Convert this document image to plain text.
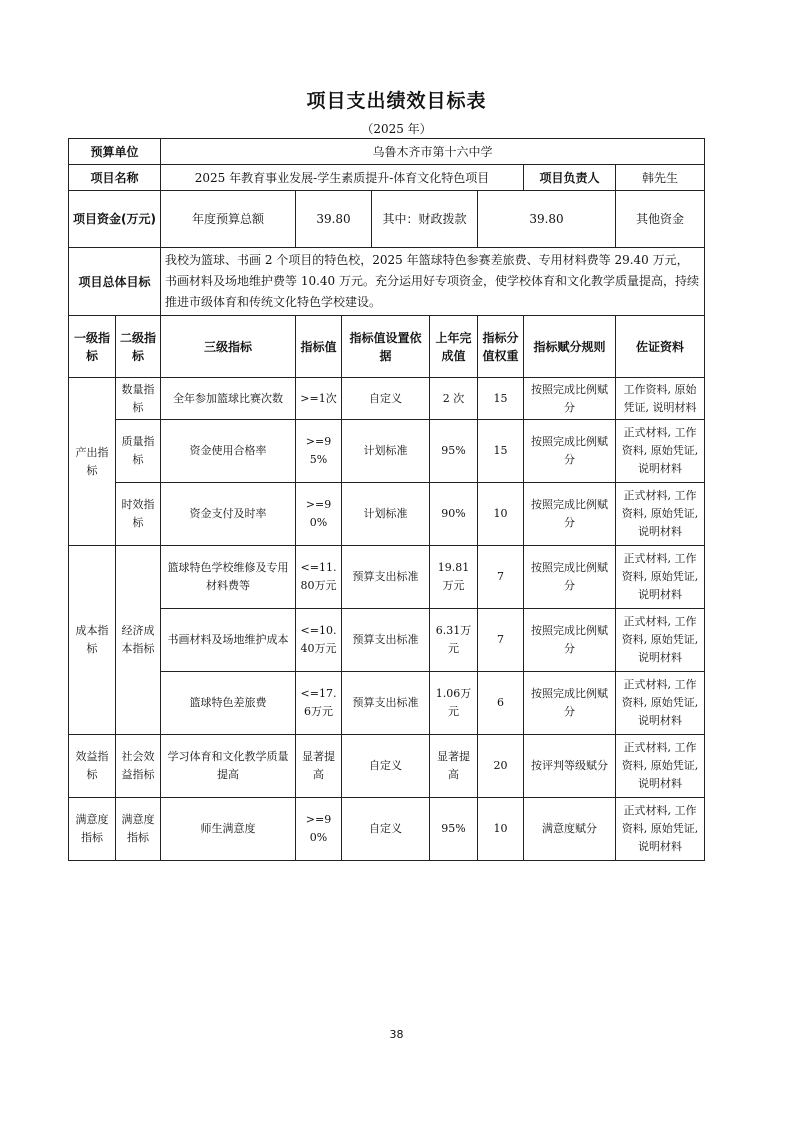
项目支出绩效目标表
（2025 年）
预算单位		乌鲁木齐市第十六中学								
项目名称		2025 年教育事业发展-学生素质提升-体育文化特色项目						项目负责人	韩先生	
项目资金(万元)		年度预算总额	39.80		其中：财政拨款		39.80		其他资金	
项目总体目标		我校为篮球、书画 2 个项目的特色校，2025 年篮球特色参赛差旅费、专用材料费等 29.40 万元，书画材料及场地维护费等 10.40 万元。充分运用好专项资金，使学校体育和文化教学质量提高，持续推进市级体育和传统文化特色学校建设。								
一级指标	二级指标	三级指标	指标值	指标值设置依据		上年完成值	指标分值权重	指标赋分规则	佐证资料	
产出指标	数量指标	全年参加篮球比赛次数	>=1次	自定义		2 次	15	按照完成比例赋分	工作资料, 原始凭证, 说明材料	
	质量指标	资金使用合格率	>=95%	计划标准		95%	15	按照完成比例赋分	正式材料, 工作资料, 原始凭证, 说明材料	
	时效指标	资金支付及时率	>=90%	计划标准		90%	10	按照完成比例赋分	正式材料, 工作资料, 原始凭证, 说明材料	
成本指标	经济成本指标	篮球特色学校维修及专用材料费等	<=11.80万元	预算支出标准		19.81万元	7	按照完成比例赋分	正式材料, 工作资料, 原始凭证, 说明材料	
		书画材料及场地维护成本	<=10.40万元	预算支出标准		6.31万元	7	按照完成比例赋分	正式材料, 工作资料, 原始凭证, 说明材料	
		篮球特色差旅费	<=17.6万元	预算支出标准		1.06万元	6	按照完成比例赋分	正式材料, 工作资料, 原始凭证, 说明材料	
效益指标	社会效益指标	学习体育和文化教学质量提高	显著提高	自定义		显著提高	20	按评判等级赋分	正式材料, 工作资料, 原始凭证, 说明材料	
满意度指标	满意度指标	师生满意度	>=90%	自定义		95%	10	满意度赋分	正式材料, 工作资料, 原始凭证, 说明材料	
38
